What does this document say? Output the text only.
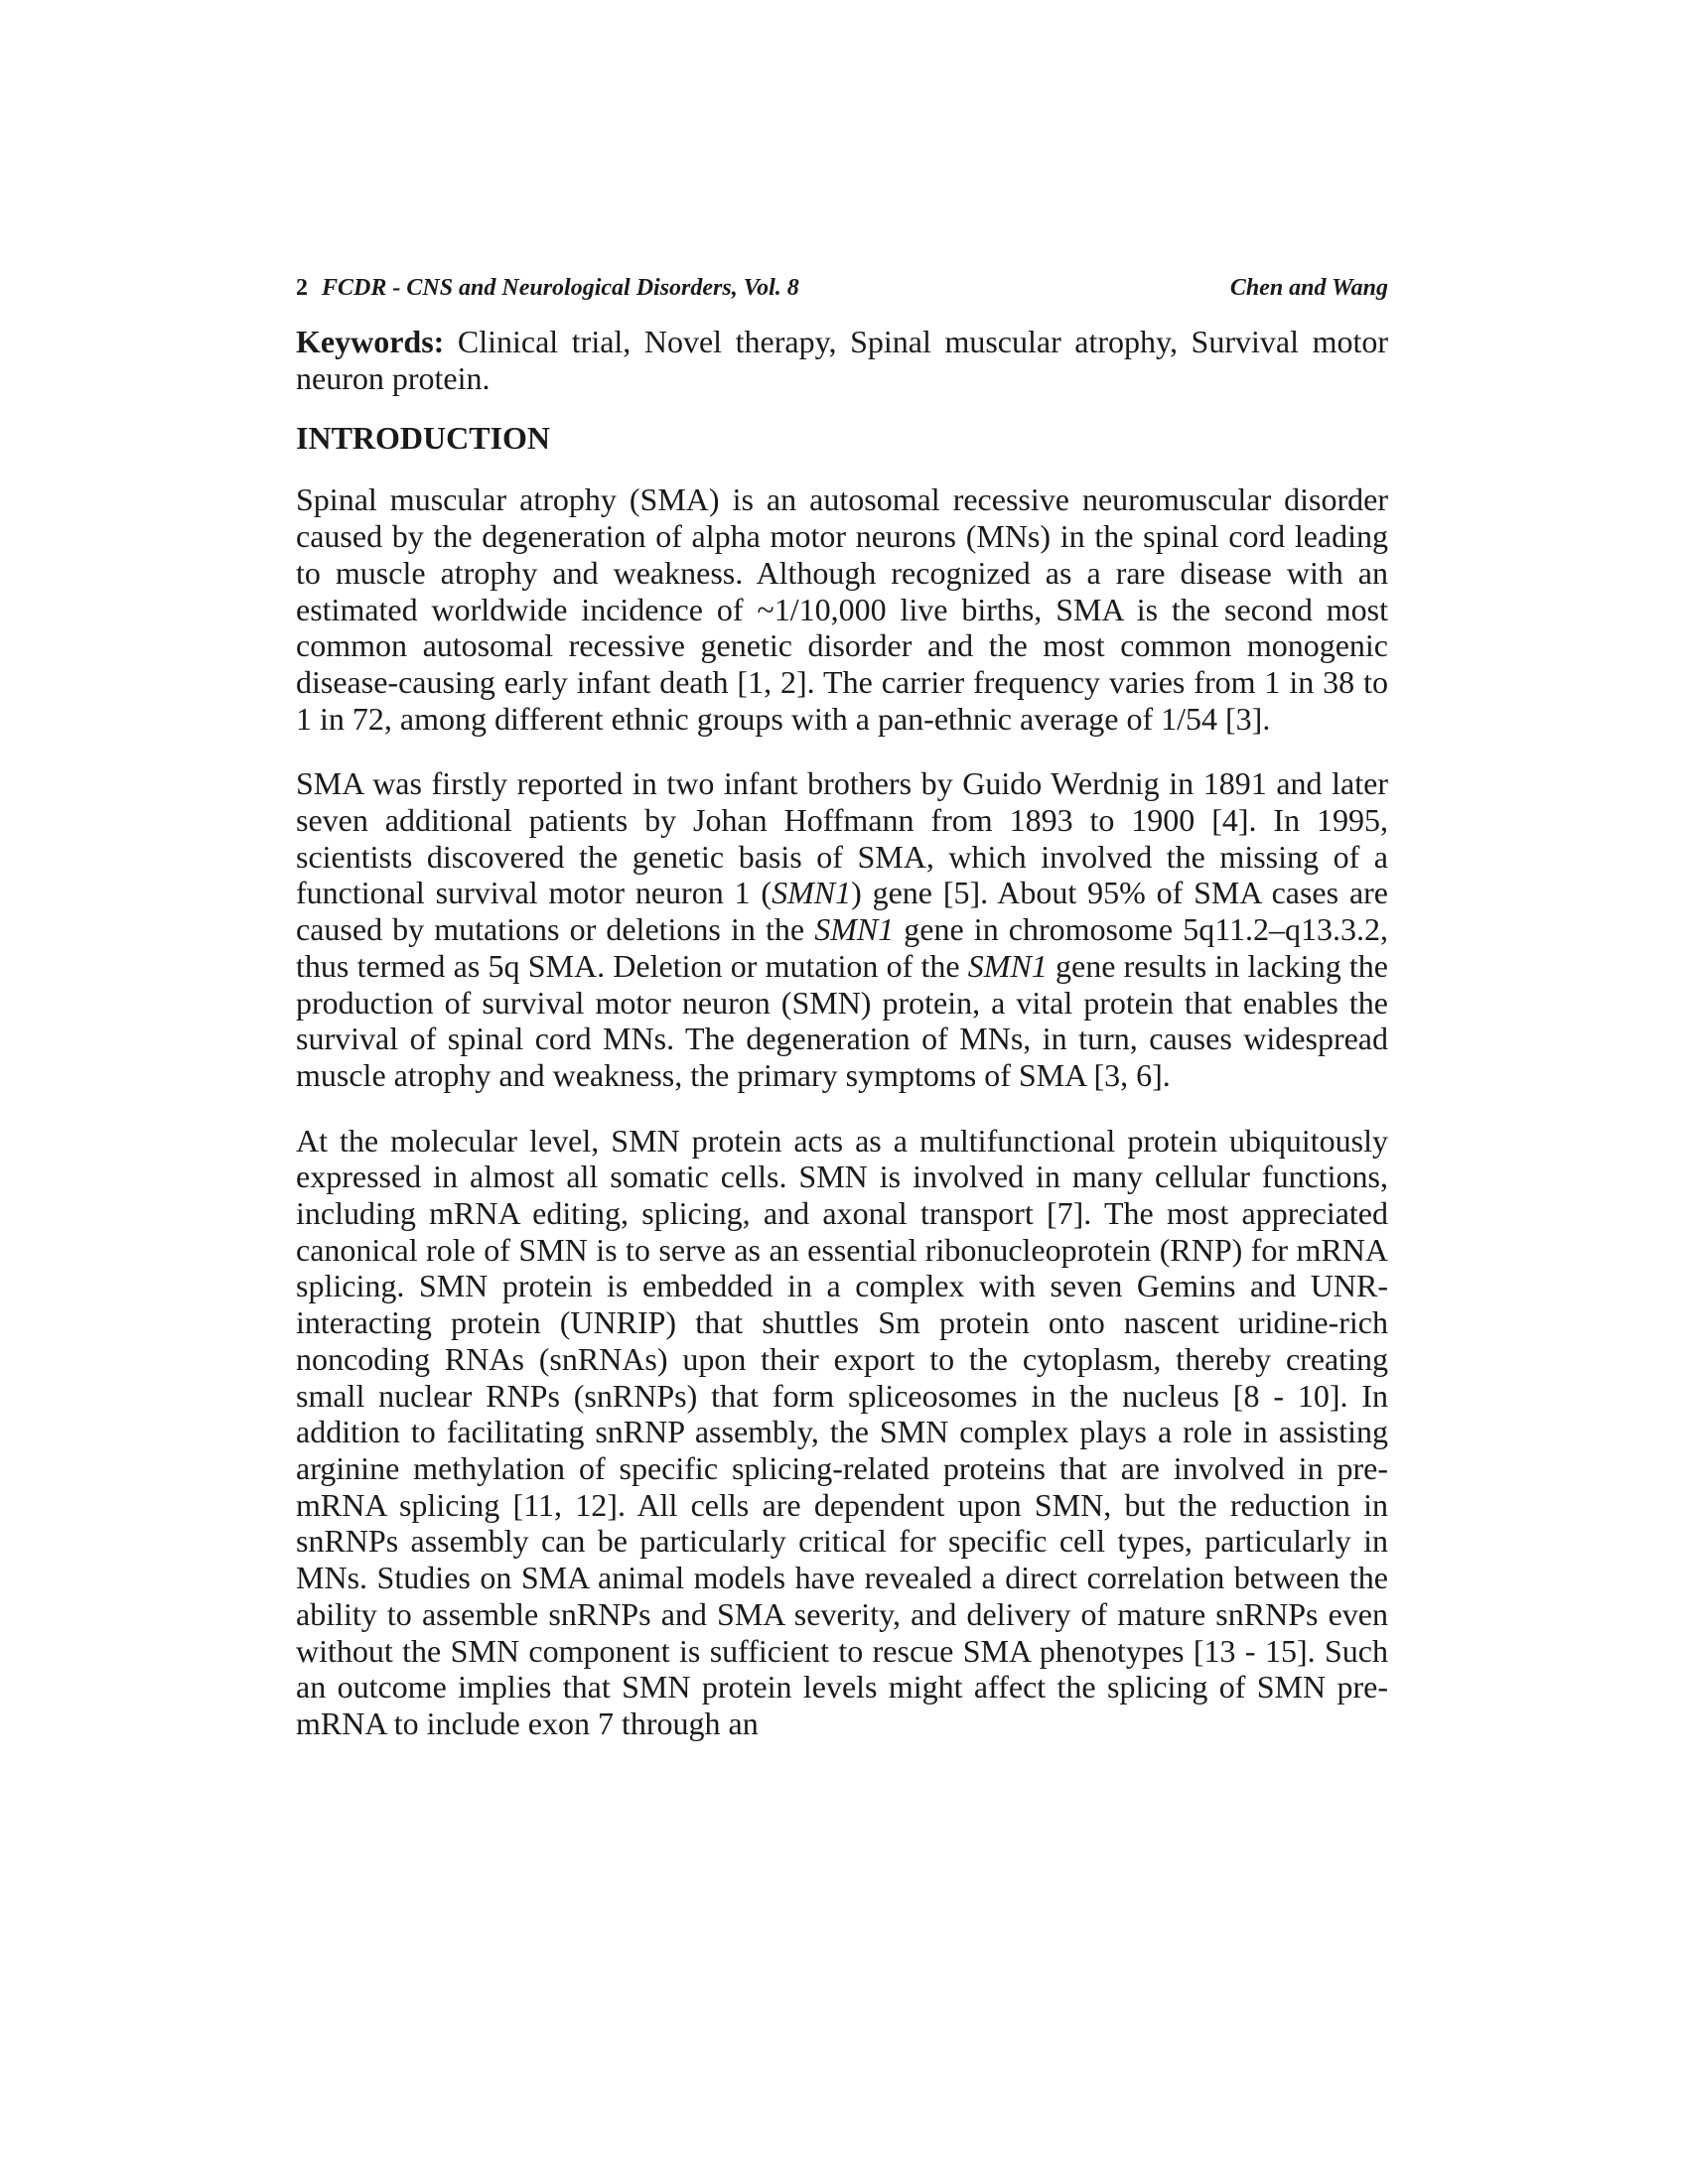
2 FCDR - CNS and Neurological Disorders, Vol. 8	Chen and Wang

Keywords: Clinical trial, Novel therapy, Spinal muscular atrophy, Survival motor neuron protein.

INTRODUCTION

Spinal muscular atrophy (SMA) is an autosomal recessive neuromuscular disorder caused by the degeneration of alpha motor neurons (MNs) in the spinal cord leading to muscle atrophy and weakness. Although recognized as a rare disease with an estimated worldwide incidence of ~1/10,000 live births, SMA is the second most common autosomal recessive genetic disorder and the most common monogenic disease-causing early infant death [1, 2]. The carrier frequency varies from 1 in 38 to 1 in 72, among different ethnic groups with a pan-ethnic average of 1/54 [3].

SMA was firstly reported in two infant brothers by Guido Werdnig in 1891 and later seven additional patients by Johan Hoffmann from 1893 to 1900 [4]. In 1995, scientists discovered the genetic basis of SMA, which involved the missing of a functional survival motor neuron 1 (SMN1) gene [5]. About 95% of SMA cases are caused by mutations or deletions in the SMN1 gene in chromosome 5q11.2–q13.3.2, thus termed as 5q SMA. Deletion or mutation of the SMN1 gene results in lacking the production of survival motor neuron (SMN) protein, a vital protein that enables the survival of spinal cord MNs. The degeneration of MNs, in turn, causes widespread muscle atrophy and weakness, the primary symptoms of SMA [3, 6].

At the molecular level, SMN protein acts as a multifunctional protein ubiquitously expressed in almost all somatic cells. SMN is involved in many cellular functions, including mRNA editing, splicing, and axonal transport [7]. The most appreciated canonical role of SMN is to serve as an essential ribonucleoprotein (RNP) for mRNA splicing. SMN protein is embedded in a complex with seven Gemins and UNR-interacting protein (UNRIP) that shuttles Sm protein onto nascent uridine-rich noncoding RNAs (snRNAs) upon their export to the cytoplasm, thereby creating small nuclear RNPs (snRNPs) that form spliceosomes in the nucleus [8 - 10]. In addition to facilitating snRNP assembly, the SMN complex plays a role in assisting arginine methylation of specific splicing-related proteins that are involved in pre-mRNA splicing [11, 12]. All cells are dependent upon SMN, but the reduction in snRNPs assembly can be particularly critical for specific cell types, particularly in MNs. Studies on SMA animal models have revealed a direct correlation between the ability to assemble snRNPs and SMA severity, and delivery of mature snRNPs even without the SMN component is sufficient to rescue SMA phenotypes [13 - 15]. Such an outcome implies that SMN protein levels might affect the splicing of SMN pre-mRNA to include exon 7 through an
